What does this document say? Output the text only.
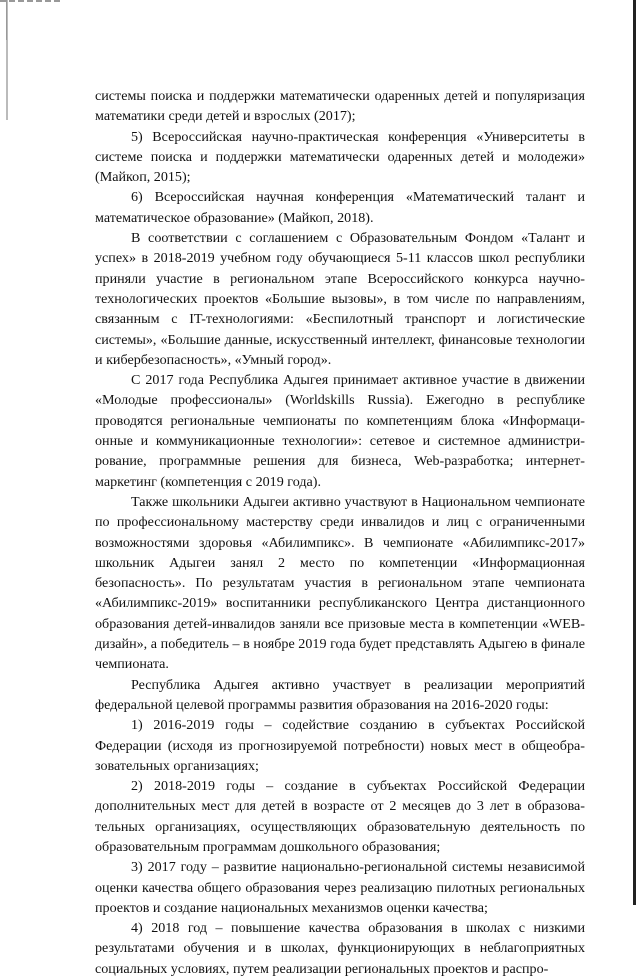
системы поиска и поддержки математически одаренных детей и популяризация математики среди детей и взрослых (2017);

5) Всероссийская научно-практическая конференция «Университеты в системе поиска и поддержки математически одаренных детей и молодежи» (Майкоп, 2015);

6) Всероссийская научная конференция «Математический талант и математическое образование» (Майкоп, 2018).

В соответствии с соглашением с Образовательным Фондом «Талант и успех» в 2018-2019 учебном году обучающиеся 5-11 классов школ республики приняли участие в региональном этапе Всероссийского конкурса научно-технологических проектов «Большие вызовы», в том числе по направлениям, связанным с IT-технологиями: «Беспилотный транспорт и логистические системы», «Большие данные, искусственный интеллект, финансовые технологии и кибербезопасность», «Умный город».

С 2017 года Республика Адыгея принимает активное участие в движении «Молодые профессионалы» (Worldskills Russia). Ежегодно в республике проводятся региональные чемпионаты по компетенциям блока «Информационные и коммуникационные технологии»: сетевое и системное администрирование, программные решения для бизнеса, Web-разработка; интернет-маркетинг (компетенция с 2019 года).

Также школьники Адыгеи активно участвуют в Национальном чемпионате по профессиональному мастерству среди инвалидов и лиц с ограниченными возможностями здоровья «Абилимпикс». В чемпионате «Абилимпикс-2017» школьник Адыгеи занял 2 место по компетенции «Информационная безопасность». По результатам участия в региональном этапе чемпионата «Абилимпикс-2019» воспитанники республиканского Центра дистанционного образования детей-инвалидов заняли все призовые места в компетенции «WEB-дизайн», а победитель – в ноябре 2019 года будет представлять Адыгею в финале чемпионата.

Республика Адыгея активно участвует в реализации мероприятий федеральной целевой программы развития образования на 2016-2020 годы:

1) 2016-2019 годы – содействие созданию в субъектах Российской Федерации (исходя из прогнозируемой потребности) новых мест в общеобразовательных организациях;

2) 2018-2019 годы – создание в субъектах Российской Федерации дополнительных мест для детей в возрасте от 2 месяцев до 3 лет в образовательных организациях, осуществляющих образовательную деятельность по образовательным программам дошкольного образования;

3) 2017 году – развитие национально-региональной системы независимой оценки качества общего образования через реализацию пилотных региональных проектов и создание национальных механизмов оценки качества;

4) 2018 год – повышение качества образования в школах с низкими результатами обучения и в школах, функционирующих в неблагоприятных социальных условиях, путем реализации региональных проектов и распро-
